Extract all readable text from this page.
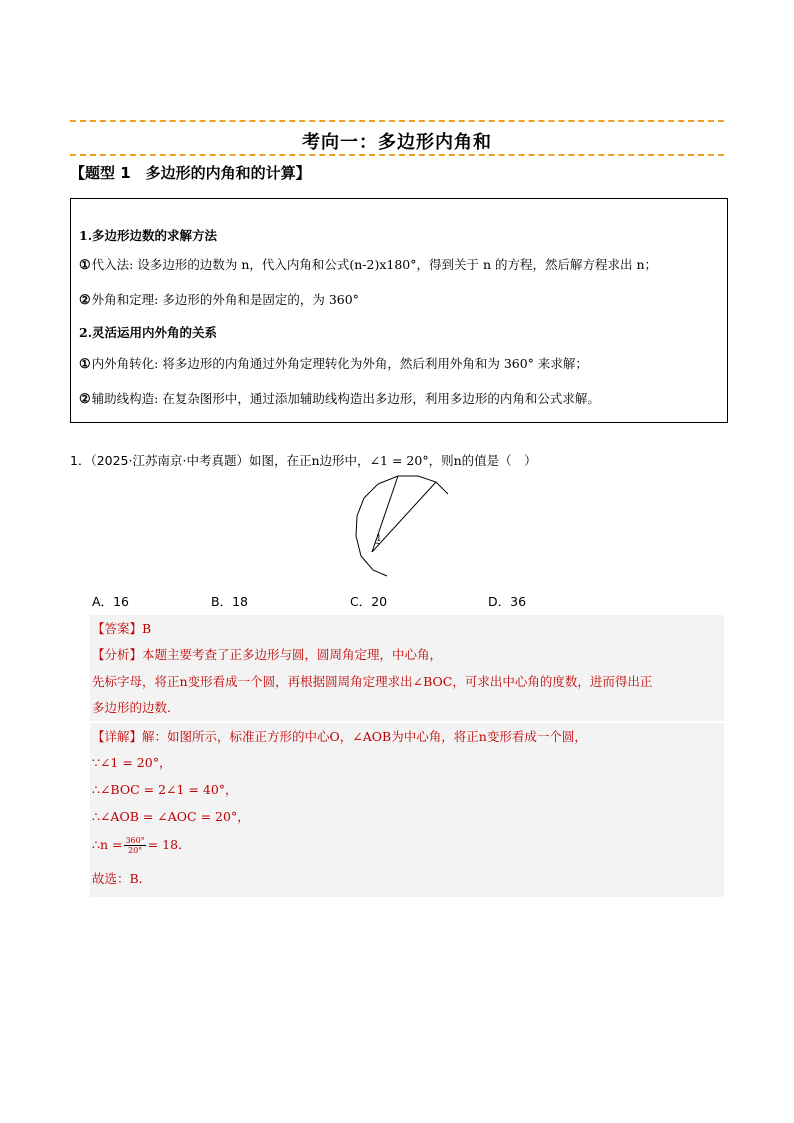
考向一：多边形内角和
【题型 1　多边形的内角和的计算】

1.多边形边数的求解方法

①代入法: 设多边形的边数为 n，代入内角和公式(n-2)x180°，得到关于 n 的方程，然后解方程求出 n；

②外角和定理: 多边形的外角和是固定的，为 360°

2.灵活运用内外角的关系

①内外角转化: 将多边形的内角通过外角定理转化为外角，然后利用外角和为 360° 来求解；

②辅助线构造: 在复杂图形中，通过添加辅助线构造出多边形，利用多边形的内角和公式求解。

1．（2025·江苏南京·中考真题）如图，在正n边形中，∠1 = 20°，则n的值是（　）
1
A．16	B．18	C．20	D．36
【答案】B
【分析】本题主要考查了正多边形与圆，圆周角定理，中心角，
先标字母，将正n变形看成一个圆，再根据圆周角定理求出∠BOC，可求出中心角的度数，进而得出正
多边形的边数．
【详解】解：如图所示，标准正方形的中心O，∠AOB为中心角，将正n变形看成一个圆，
∵∠1 = 20°，
∴∠BOC = 2∠1 = 40°，
∴∠AOB = ∠AOC = 20°，
∴n = $\frac{360^\circ}{20^\circ} = 18$．
故选：B．
